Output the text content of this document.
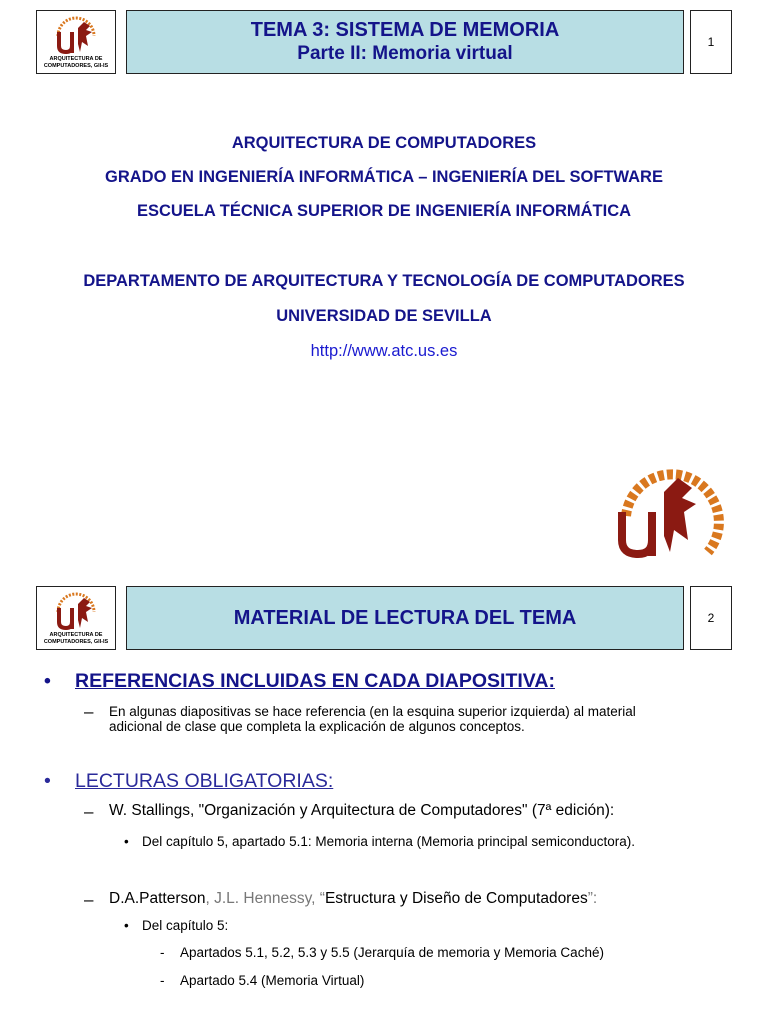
ARQUITECTURA DE
COMPUTADORES, GII-IS
TEMA 3: SISTEMA DE MEMORIA
Parte II: Memoria virtual
1
ARQUITECTURA DE COMPUTADORES
GRADO EN INGENIERÍA INFORMÁTICA – INGENIERÍA DEL SOFTWARE
ESCUELA TÉCNICA SUPERIOR DE INGENIERÍA INFORMÁTICA
DEPARTAMENTO DE ARQUITECTURA Y TECNOLOGÍA DE COMPUTADORES
UNIVERSIDAD DE SEVILLA
http://www.atc.us.es
ARQUITECTURA DE
COMPUTADORES, GII-IS
MATERIAL DE LECTURA DEL TEMA	2
• REFERENCIAS INCLUIDAS EN CADA DIAPOSITIVA:
– En algunas diapositivas se hace referencia (en la esquina superior izquierda) al material
adicional de clase que completa la explicación de algunos conceptos.
• LECTURAS OBLIGATORIAS:
– W. Stallings, "Organización y Arquitectura de Computadores" (7ª edición):
• Del capítulo 5, apartado 5.1: Memoria interna (Memoria principal semiconductora).
– D.A.Patterson, J.L. Hennessy, “Estructura y Diseño de Computadores”:
• Del capítulo 5:
- Apartados 5.1, 5.2, 5.3 y 5.5 (Jerarquía de memoria y Memoria Caché)
- Apartado 5.4 (Memoria Virtual)
